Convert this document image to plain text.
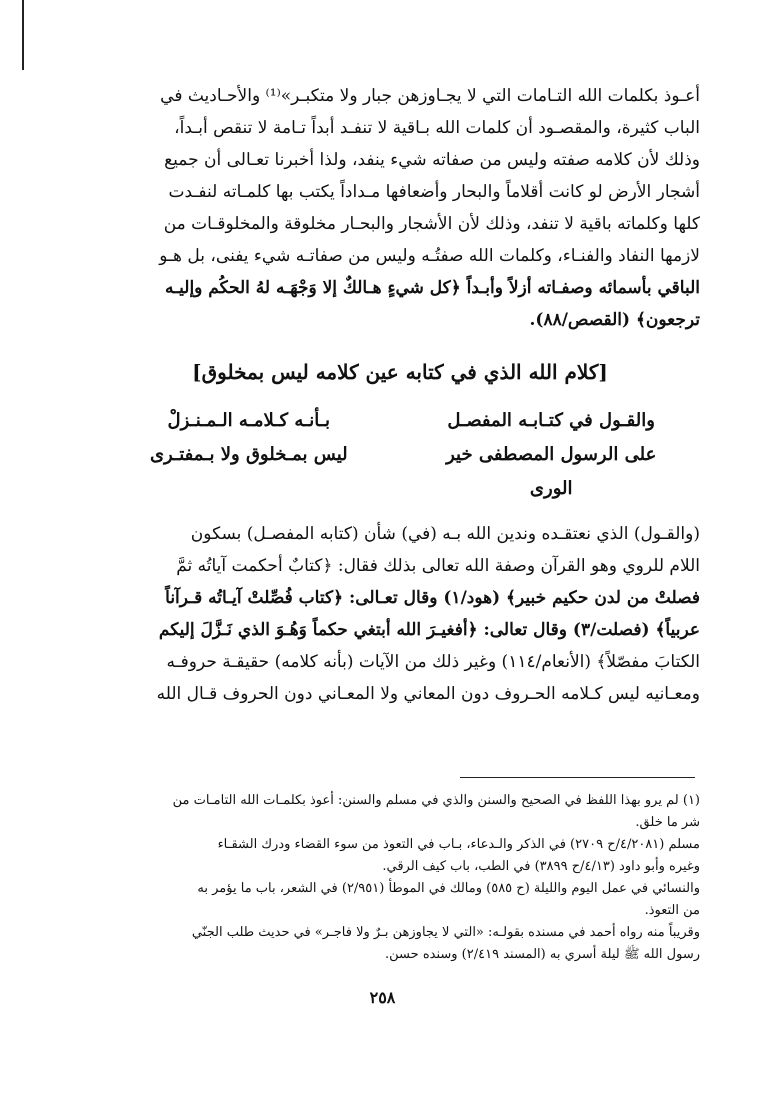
أعـوذ بكلمات الله التـامات التي لا يجـاوزهن جبار ولا متكبـر»⁽¹⁾ والأحـاديث في
الباب كثيرة، والمقصـود أن كلمات الله بـاقية لا تنفـد أبداً تـامة لا تنقص أبـداً،
وذلك لأن كلامه صفته وليس من صفاته شيء ينفد، ولذا أخبرنا تعـالى أن جميع
أشجار الأرض لو كانت أقلاماً والبحار وأضعافها مـداداً يكتب بها كلمـاته لنفـدت
كلها وكلماته باقية لا تنفد، وذلك لأن الأشجار والبحـار مخلوقة والمخلوقـات من
لازمها النفاد والفنـاء، وكلمات الله صفتُـه وليس من صفاتـه شيء يفنى، بل هـو
الباقي بأسمائه وصفـاته أزلاً وأبـداً ﴿كل شيءٍ هـالكٌ إلا وَجْهَـه لهُ الحكُم وإليـه
ترجعون﴾ (القصص/٨٨).
[كلام الله الذي في كتابه عين كلامه ليس بمخلوق]
والقـول في كتـابـه المفصـل
بـأنـه كـلامـه الـمـنـزلْ
على الرسول المصطفى خير الورى
ليس بمـخلوق ولا بـمفتـرى
(والقـول) الذي نعتقـده وندين الله بـه (في) شأن (كتابه المفصـل) بسكون
اللام للروي وهو القرآن وصفة الله تعالى بذلك فقال: ﴿كتابٌ أحكمت آياتُه ثمَّ
فصلتْ من لدن حكيم خبير﴾ (هود/١) وقال تعـالى: ﴿كتاب فُصِّلتْ آيـاتُه قـرآناً
عربياً﴾ (فصلت/٣) وقال تعالى: ﴿أفغيـرَ الله أبتغي حكماً وَهُـوَ الذي نَـزَّلَ إليكم
الكتابَ مفصّلاً﴾ (الأنعام/١١٤) وغير ذلك من الآيات (بأنه كلامه) حقيقـة حروفـه
ومعـانيه ليس كـلامه الحـروف دون المعاني ولا المعـاني دون الحروف قـال الله

(١) لم يرو بهذا اللفظ في الصحيح والسنن والذي في مسلم والسنن: أعوذ بكلمـات الله التامـات من

شر ما خلق.

مسلم (٤/٢٠٨١/ح ٢٧٠٩) في الذكر والـدعاء، بـاب في التعوذ من سوء القضاء ودرك الشقـاء

وغيره وأبو داود (٤/١٣/ح ٣٨٩٩) في الطب، باب كيف الرقي.

والنسائي في عمل اليوم والليلة (ح ٥٨٥) ومالك في الموطأ (٢/٩٥١) في الشعر، باب ما يؤمر به

من التعوذ.

وقريباً منه رواه أحمد في مسنده بقولـه: «التي لا يجاوزهن بـرٌ ولا فاجـر» في حديث طلب الجنّي

رسول الله ﷺ ليلة أسري به (المسند ٢/٤١٩) وسنده حسن.

٢٥٨
